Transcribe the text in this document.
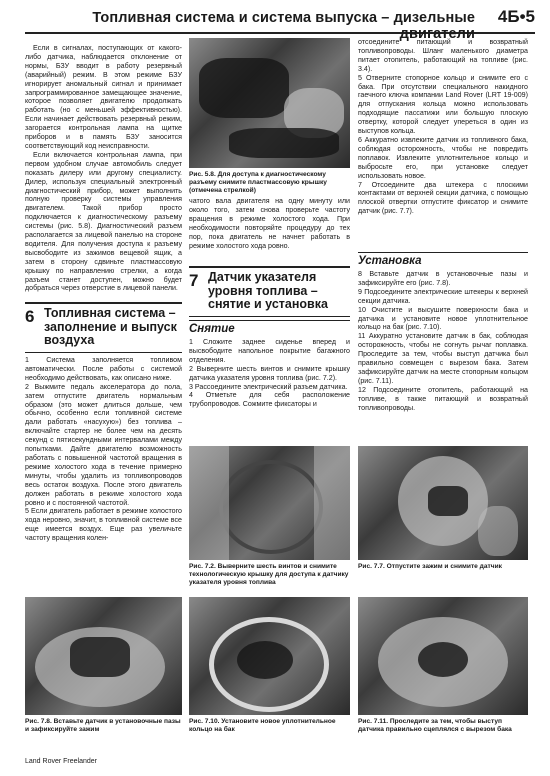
Топливная система и система выпуска – дизельные двигатели
4Б•5

Если в сигналах, поступающих от какого-либо датчика, наблюдается отклонение от нормы, БЗУ вводит в работу резервный (аварийный) режим. В этом режиме БЗУ игнорирует аномальный сигнал и принимает запрограммированное замещающее значение, которое позволяет двигателю продолжать работать (но с меньшей эффективностью). Если начинает действовать резервный режим, загорается контрольная лампа на щитке приборов и в память БЗУ заносится соответствующий код неисправности.

Если включается контрольная лампа, при первом удобном случае автомобиль следует показать дилеру или другому специалисту. Дилер, используя специальный электронный диагностический прибор, может выполнить полную проверку системы управления двигателем. Такой прибор просто подключается к диагностическому разъему системы (рис. 5.8). Диагностический разъем располагается за лицевой панелью на стороне водителя. Для получения доступа к разъему высвободите из зажимов вещевой ящик, а затем в сторону сдвиньте пластмассовую крышку по направлению стрелки, а когда разъем станет доступен, можно будет добраться через отверстие в лицевой панели.

6 Топливная система – заполнение и выпуск воздуха

1 Система заполняется топливом автоматически. После работы с системой необходимо действовать, как описано ниже.

2 Выжмите педаль акселератора до пола, затем отпустите двигатель нормальным образом (это может длиться дольше, чем обычно, особенно если топливной системе дали работать «насухую») без топлива – включайте стартер не более чем на десять секунд с пятисекундными интервалами между попытками. Дайте двигателю возможность работать с повышенной частотой вращения в режиме холостого хода в течение примерно минуты, чтобы удалить из топливопроводов весь остаток воздуха. После этого двигатель должен работать в режиме холостого хода ровно и с постоянной частотой.

5 Если двигатель работает в режиме холостого хода неровно, значит, в топливной системе все еще имеется воздух. Еще раз увеличьте частоту вращения колен-

Рис. 5.8. Для доступа к диагностическому разъему снимите пластмассовую крышку (отмечена стрелкой)

чатого вала двигателя на одну минуту или около того, затем снова проверьте частоту вращения в режиме холостого хода. При необходимости повторяйте процедуру до тех пор, пока двигатель не начнет работать в режиме холостого хода ровно.

7 Датчик указателя уровня топлива – снятие и установка
Снятие

1 Сложите заднее сиденье вперед и высвободите напольное покрытие багажного отделения.

2 Выверните шесть винтов и снимите крышку датчика указателя уровня топлива (рис. 7.2).

3 Рассоедините электрический разъем датчика.

4 Отметьте для себя расположение трубопроводов. Сожмите фиксаторы и

отсоедините питающий и возвратный топливопроводы. Шланг маленького диаметра питает отопитель, работающий на топливе (рис. 3.4).

5 Отверните стопорное кольцо и снимите его с бака. При отсутствии специального накидного гаечного ключа компании Land Rover (LRT 19-009) для отпускания кольца можно использовать подходящие пассатижи или большую плоскую отвертку, которой следует упереться в один из выступов кольца.

6 Аккуратно извлеките датчик из топливного бака, соблюдая осторожность, чтобы не повредить поплавок. Извлеките уплотнительное кольцо и выбросьте его, при установке следует использовать новое.

7 Отсоедините два штекера с плоскими контактами от верхней секции датчика, с помощью плоской отвертки отпустите фиксатор и снимите датчик (рис. 7.7).

Установка

8 Вставьте датчик в установочные пазы и зафиксируйте его (рис. 7.8).

9 Подсоедините электрические штекеры к верхней секции датчика.

10 Очистите и высушите поверхности бака и датчика и установите новое уплотнительное кольцо на бак (рис. 7.10).

11 Аккуратно установите датчик в бак, соблюдая осторожность, чтобы не согнуть рычаг поплавка. Проследите за тем, чтобы выступ датчика был правильно совмещен с вырезом бака. Затем зафиксируйте датчик на месте стопорным кольцом (рис. 7.11).

12 Подсоедините отопитель, работающий на топливе, в также питающий и возвратный топливопроводы.

Рис. 7.2. Выверните шесть винтов и снимите технологическую крышку для доступа к датчику указателя уровня топлива
Рис. 7.7. Отпустите зажим и снимите датчик
Рис. 7.8. Вставьте датчик в установочные пазы и зафиксируйте зажим
Рис. 7.10. Установите новое уплотнительное кольцо на бак
Рис. 7.11. Проследите за тем, чтобы выступ датчика правильно сцеплялся с вырезом бака
Land Rover Freelander
